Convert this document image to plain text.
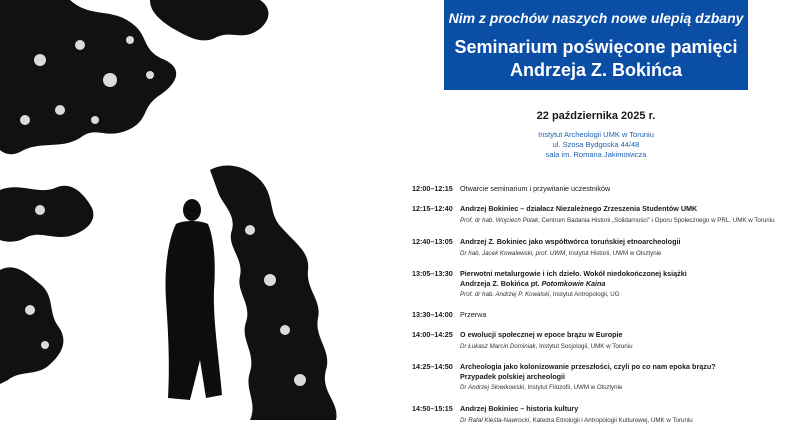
Nim z prochów naszych nowe ulepią dzbany
Seminarium poświęcone pamięci
Andrzeja Z. Bokińca
22 października 2025 r.
Instytut Archeologii UMK w Toruniu
ul. Szosa Bydgoska 44/48
sala im. Romana Jakimowicza
12:00–12:15	Otwarcie seminarium i przywitanie uczestników
12:15–12:40	Andrzej Bokiniec – działacz Niezależnego Zrzeszenia Studentów UMK
Prof. dr hab. Wojciech Polak, Centrum Badania Historii „Solidarności” i Oporu Społecznego w PRL, UMK w Toruniu
12:40–13:05	Andrzej Z. Bokiniec jako współtwórca toruńskiej etnoarcheologii
Dr hab. Jacek Kowalewski, prof. UWM, Instytut Historii, UWM w Olsztynie
13:05–13:30	Pierwotni metalurgowie i ich dzieło. Wokół niedokończonej książki
Andrzeja Z. Bokińca pt. Potomkowie Kaina
Prof. dr hab. Andrzej P. Kowalski, Instytut Antropologii, UG
13:30–14:00	Przerwa
14:00–14:25	O ewolucji społecznej w epoce brązu w Europie
Dr Łukasz Marcin Dominiak, Instytut Socjologii, UMK w Toruniu
14:25–14:50	Archeologia jako kolonizowanie przeszłości, czyli po co nam epoka brązu?
Przypadek polskiej archeologii
Dr Andrzej Słowikowski, Instytut Filozofii, UWM w Olsztynie
14:50–15:15	Andrzej Bokiniec – historia kultury
Dr Rafał Kleśta-Nawrocki, Katedra Etnologii i Antropologii Kulturowej, UMK w Toruniu
